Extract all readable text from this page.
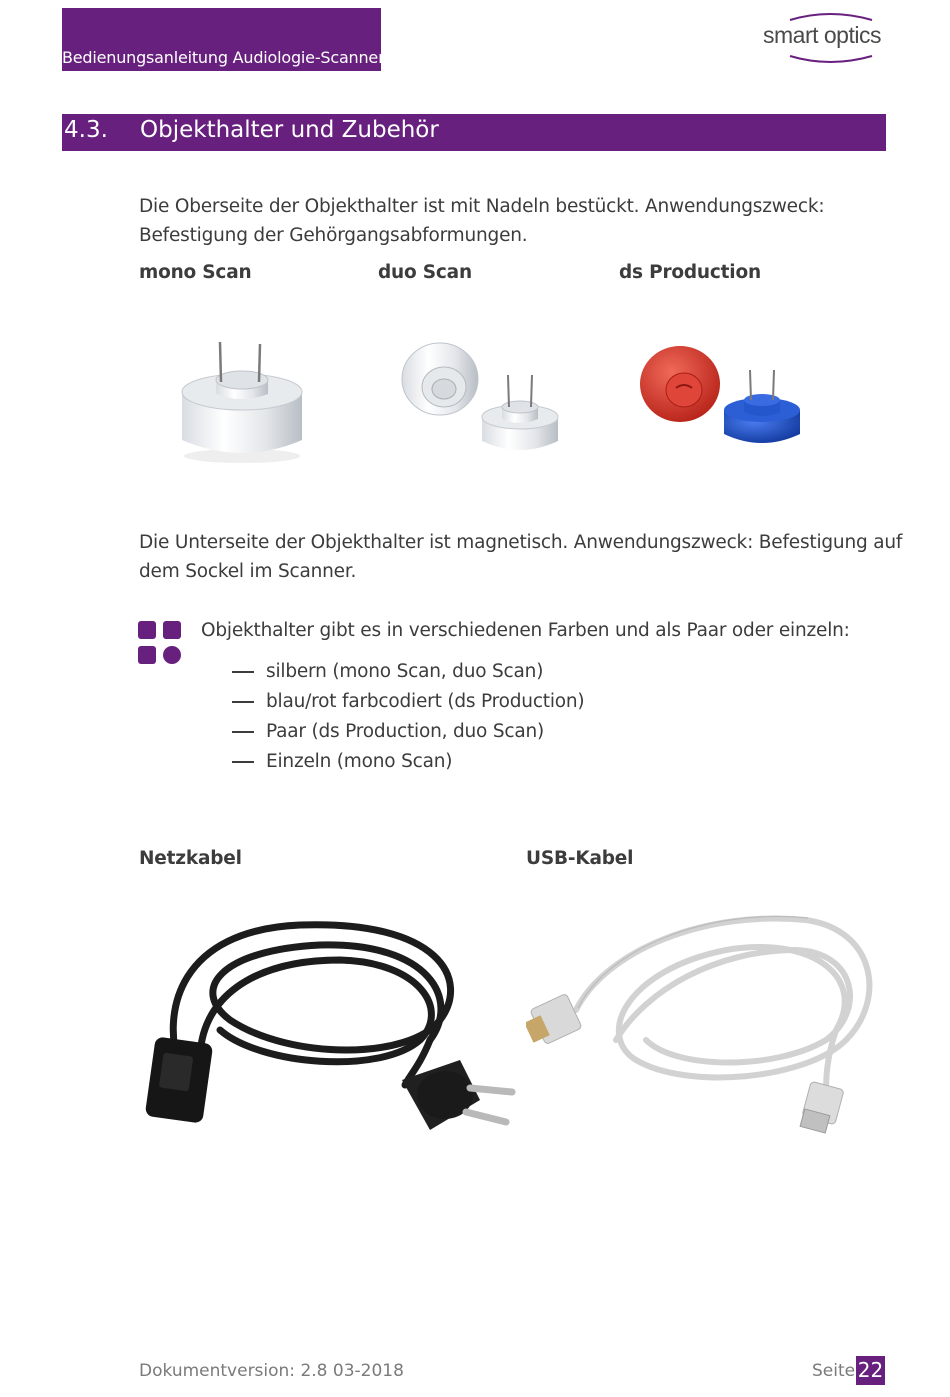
Bedienungsanleitung Audiologie-Scanner
smart optics
4.3. Objekthalter und Zubehör
Die Oberseite der Objekthalter ist mit Nadeln bestückt. Anwendungszweck:
Befestigung der Gehörgangsabformungen.
mono Scan	duo Scan	ds Production
Die Unterseite der Objekthalter ist magnetisch. Anwendungszweck: Befestigung auf
dem Sockel im Scanner.
Objekthalter gibt es in verschiedenen Farben und als Paar oder einzeln:
silbern (mono Scan, duo Scan)
blau/rot farbcodiert (ds Production)
Paar (ds Production, duo Scan)
Einzeln (mono Scan)
Netzkabel	USB-Kabel
Dokumentversion: 2.8 03-2018	Seite 22
